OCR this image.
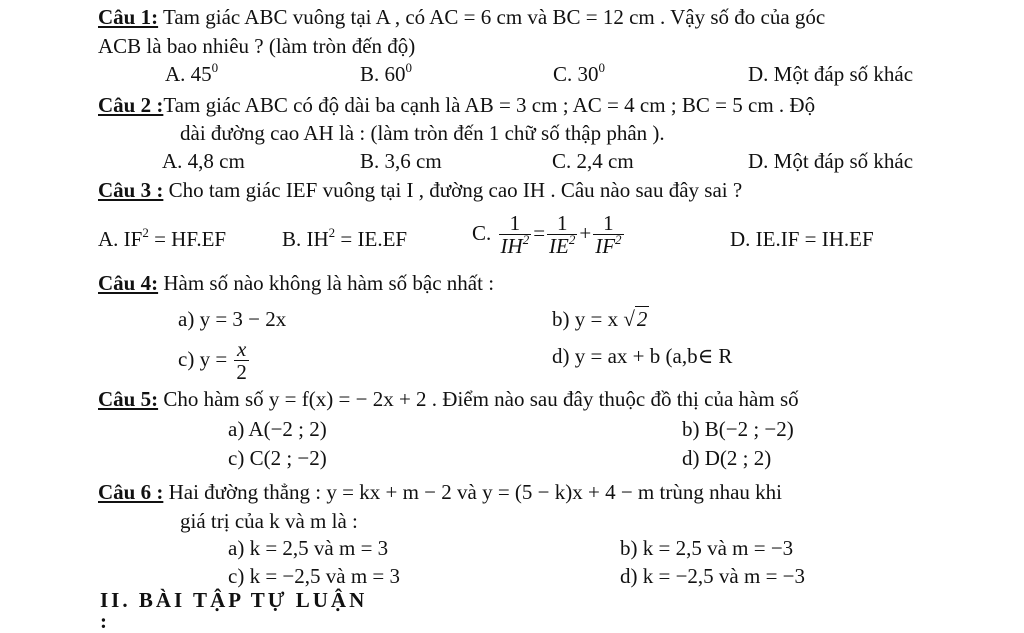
Câu 1: Tam giác ABC vuông tại A , có AC = 6 cm và BC = 12 cm . Vậy số đo của góc
ACB là bao nhiêu ? (làm tròn đến độ)
A. $45^0$	B. $60^0$	C. $30^0$	D. Một đáp số khác
Câu 2 :Tam giác ABC có độ dài ba cạnh là AB = 3 cm ; AC = 4 cm ; BC = 5 cm . Độ
dài đường cao AH là : (làm tròn đến 1 chữ số thập phân ).
A. 4,8 cm	B. 3,6 cm	C. 2,4 cm	D. Một đáp số khác
Câu 3 : Cho tam giác IEF vuông tại I , đường cao IH . Câu nào sau đây sai ?
A. $IF^2 = HF.EF$	B. $IH^2 = IE.EF$	C. $\frac{1}{IH^2} = \frac{1}{IE^2} + \frac{1}{IF^2}$	D. IE.IF = IH.EF
Câu 4: Hàm số nào không là hàm số bậc nhất :
a) y = 3 − 2x	b) y = x √2
c) $y = \frac{x}{2}$	d) y = ax + b (a,b∈ R
Câu 5: Cho hàm số y = f(x) = − 2x + 2 . Điểm nào sau đây thuộc đồ thị của hàm số
a) A(−2 ; 2)	b) B(−2 ; −2)
c) C(2 ; −2)	d) D(2 ; 2)
Câu 6 : Hai đường thẳng : y = kx + m − 2 và y = (5 − k)x + 4 − m trùng nhau khi
giá trị của k và m là :
a) k = 2,5 và m = 3	b) k = 2,5 và m = −3
c) k = −2,5 và m = 3	d) k = −2,5 và m = −3
II. BÀI TẬP TỰ LUẬN :
